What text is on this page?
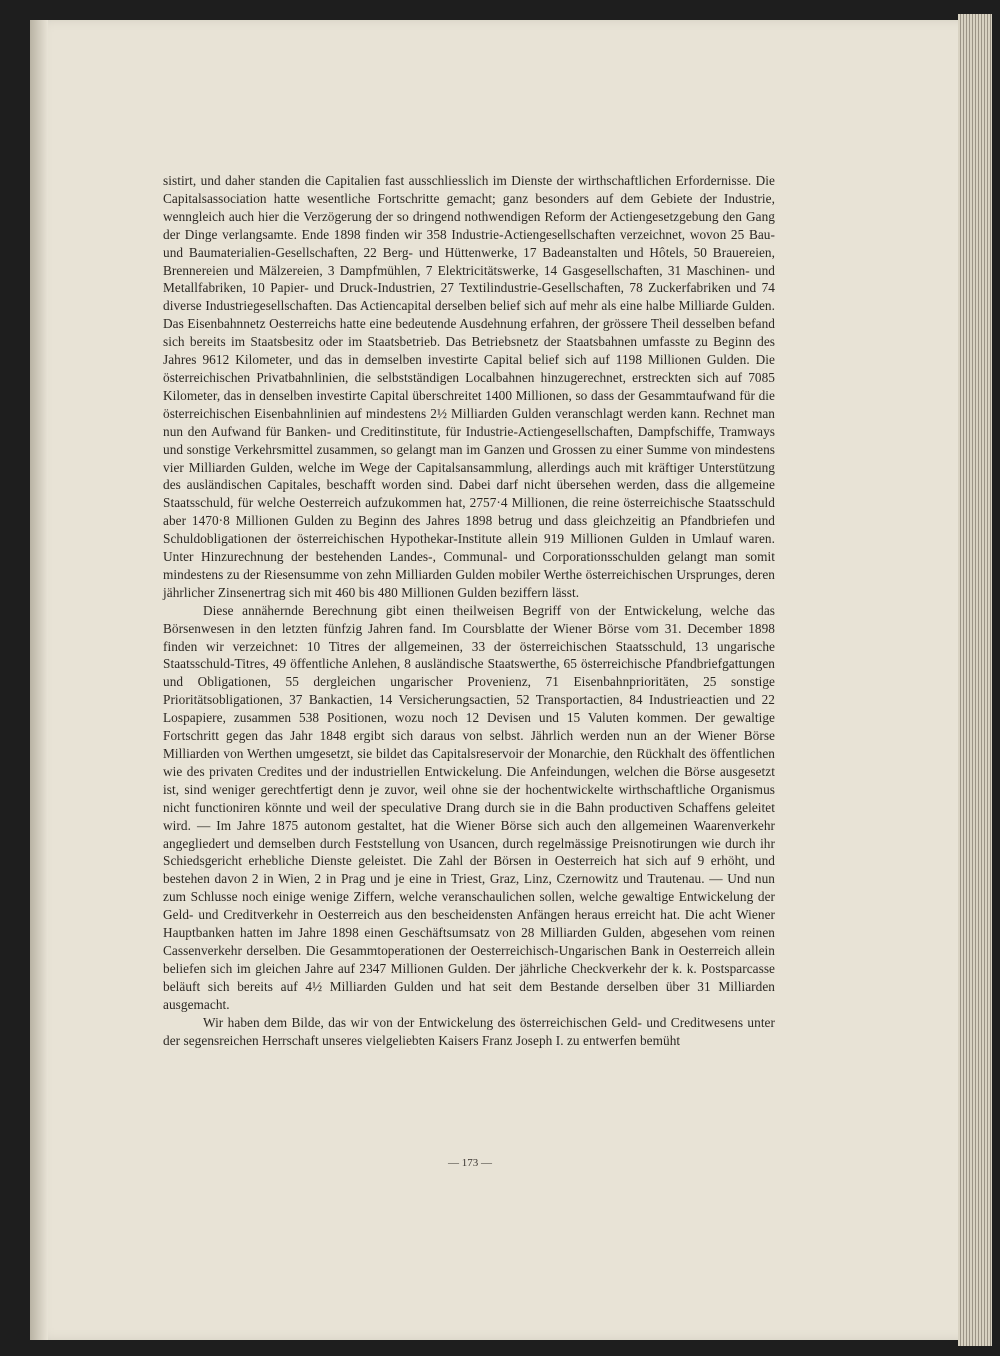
sistirt, und daher standen die Capitalien fast ausschliesslich im Dienste der wirthschaftlichen Erfordernisse. Die Capitalsassociation hatte wesentliche Fortschritte gemacht; ganz besonders auf dem Gebiete der Industrie, wenngleich auch hier die Verzögerung der so dringend nothwendigen Reform der Actiengesetzgebung den Gang der Dinge verlangsamte. Ende 1898 finden wir 358 Industrie-Actiengesellschaften verzeichnet, wovon 25 Bau- und Baumaterialien-Gesellschaften, 22 Berg- und Hüttenwerke, 17 Badeanstalten und Hôtels, 50 Brauereien, Brennereien und Mälzereien, 3 Dampfmühlen, 7 Elektricitätswerke, 14 Gasgesellschaften, 31 Maschinen- und Metallfabriken, 10 Papier- und Druck-Industrien, 27 Textilindustrie-Gesellschaften, 78 Zuckerfabriken und 74 diverse Industriegesellschaften. Das Actiencapital derselben belief sich auf mehr als eine halbe Milliarde Gulden. Das Eisenbahnnetz Oesterreichs hatte eine bedeutende Ausdehnung erfahren, der grössere Theil desselben befand sich bereits im Staatsbesitz oder im Staatsbetrieb. Das Betriebsnetz der Staatsbahnen umfasste zu Beginn des Jahres 9612 Kilometer, und das in demselben investirte Capital belief sich auf 1198 Millionen Gulden. Die österreichischen Privatbahnlinien, die selbstständigen Localbahnen hinzugerechnet, erstreckten sich auf 7085 Kilometer, das in denselben investirte Capital überschreitet 1400 Millionen, so dass der Gesammtaufwand für die österreichischen Eisenbahnlinien auf mindestens 2½ Milliarden Gulden veranschlagt werden kann. Rechnet man nun den Aufwand für Banken- und Creditinstitute, für Industrie-Actiengesellschaften, Dampfschiffe, Tramways und sonstige Verkehrsmittel zusammen, so gelangt man im Ganzen und Grossen zu einer Summe von mindestens vier Milliarden Gulden, welche im Wege der Capitalsansammlung, allerdings auch mit kräftiger Unterstützung des ausländischen Capitales, beschafft worden sind. Dabei darf nicht übersehen werden, dass die allgemeine Staatsschuld, für welche Oesterreich aufzukommen hat, 2757·4 Millionen, die reine österreichische Staatsschuld aber 1470·8 Millionen Gulden zu Beginn des Jahres 1898 betrug und dass gleichzeitig an Pfandbriefen und Schuldobligationen der österreichischen Hypothekar-Institute allein 919 Millionen Gulden in Umlauf waren. Unter Hinzurechnung der bestehenden Landes-, Communal- und Corporationsschulden gelangt man somit mindestens zu der Riesensumme von zehn Milliarden Gulden mobiler Werthe österreichischen Ursprunges, deren jährlicher Zinsenertrag sich mit 460 bis 480 Millionen Gulden beziffern lässt.

Diese annähernde Berechnung gibt einen theilweisen Begriff von der Entwickelung, welche das Börsenwesen in den letzten fünfzig Jahren fand. Im Coursblatte der Wiener Börse vom 31. December 1898 finden wir verzeichnet: 10 Titres der allgemeinen, 33 der österreichischen Staatsschuld, 13 ungarische Staatsschuld-Titres, 49 öffentliche Anlehen, 8 ausländische Staatswerthe, 65 österreichische Pfandbriefgattungen und Obligationen, 55 dergleichen ungarischer Provenienz, 71 Eisenbahnprioritäten, 25 sonstige Prioritätsobligationen, 37 Bankactien, 14 Versicherungsactien, 52 Transportactien, 84 Industrieactien und 22 Lospapiere, zusammen 538 Positionen, wozu noch 12 Devisen und 15 Valuten kommen. Der gewaltige Fortschritt gegen das Jahr 1848 ergibt sich daraus von selbst. Jährlich werden nun an der Wiener Börse Milliarden von Werthen umgesetzt, sie bildet das Capitalsreservoir der Monarchie, den Rückhalt des öffentlichen wie des privaten Credites und der industriellen Entwickelung. Die Anfeindungen, welchen die Börse ausgesetzt ist, sind weniger gerechtfertigt denn je zuvor, weil ohne sie der hochentwickelte wirthschaftliche Organismus nicht functioniren könnte und weil der speculative Drang durch sie in die Bahn productiven Schaffens geleitet wird. — Im Jahre 1875 autonom gestaltet, hat die Wiener Börse sich auch den allgemeinen Waarenverkehr angegliedert und demselben durch Feststellung von Usancen, durch regelmässige Preisnotirungen wie durch ihr Schiedsgericht erhebliche Dienste geleistet. Die Zahl der Börsen in Oesterreich hat sich auf 9 erhöht, und bestehen davon 2 in Wien, 2 in Prag und je eine in Triest, Graz, Linz, Czernowitz und Trautenau. — Und nun zum Schlusse noch einige wenige Ziffern, welche veranschaulichen sollen, welche gewaltige Entwickelung der Geld- und Creditverkehr in Oesterreich aus den bescheidensten Anfängen heraus erreicht hat. Die acht Wiener Hauptbanken hatten im Jahre 1898 einen Geschäftsumsatz von 28 Milliarden Gulden, abgesehen vom reinen Cassenverkehr derselben. Die Gesammtoperationen der Oesterreichisch-Ungarischen Bank in Oesterreich allein beliefen sich im gleichen Jahre auf 2347 Millionen Gulden. Der jährliche Checkverkehr der k. k. Postsparcasse beläuft sich bereits auf 4½ Milliarden Gulden und hat seit dem Bestande derselben über 31 Milliarden ausgemacht.

Wir haben dem Bilde, das wir von der Entwickelung des österreichischen Geld- und Creditwesens unter der segensreichen Herrschaft unseres vielgeliebten Kaisers Franz Joseph I. zu entwerfen bemüht

— 173 —
